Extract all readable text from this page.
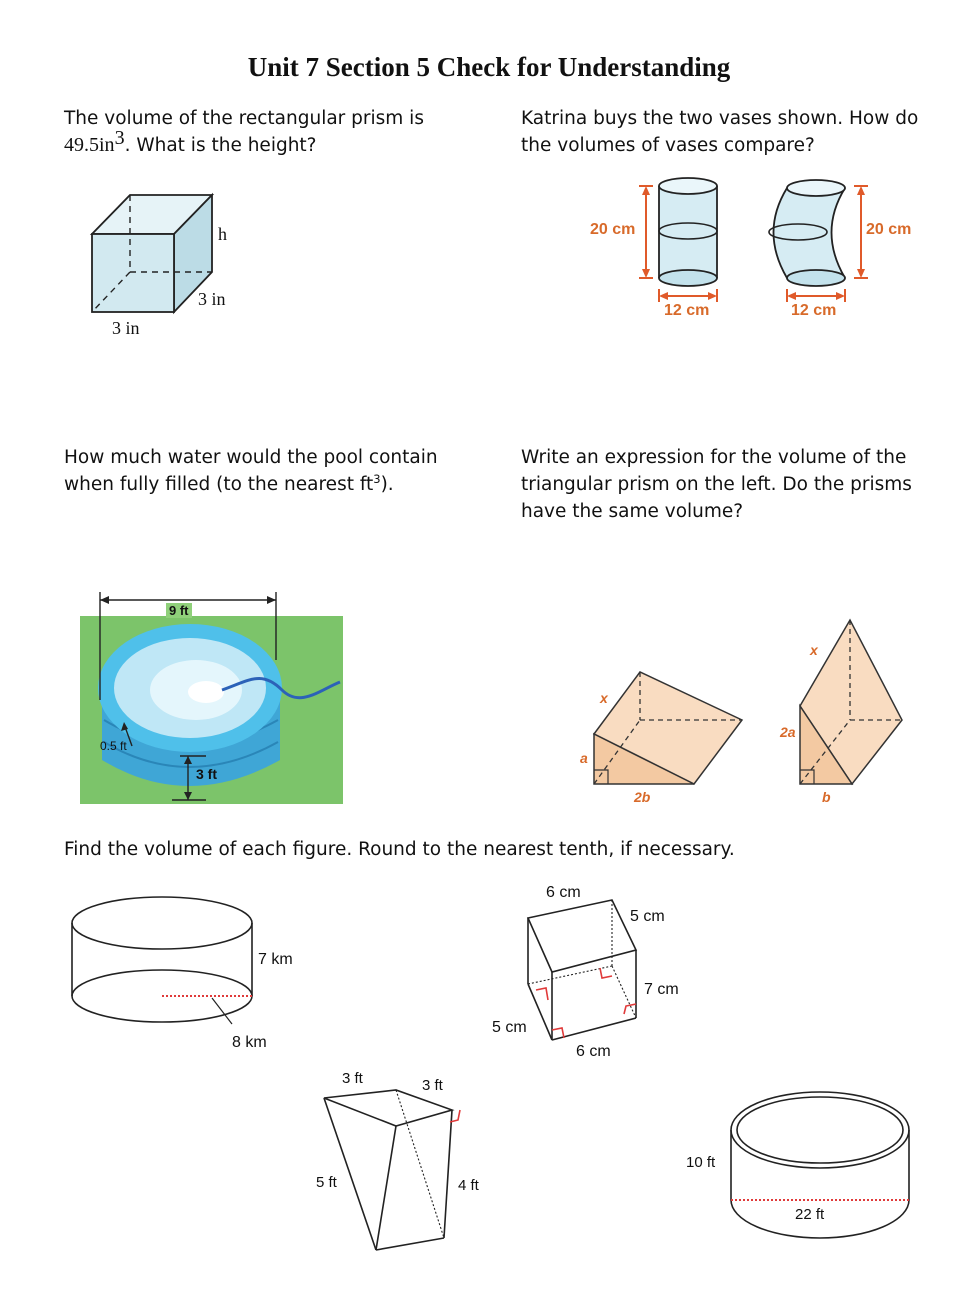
Unit 7 Section 5 Check for Understanding
The volume of the rectangular prism is
$49.5in^3$. What is the height?
h
3 in
3 in
Katrina buys the two vases shown. How do
the volumes of vases compare?
20 cm	20 cm
12 cm	12 cm
How much water would the pool contain
when fully filled (to the nearest $ft^3$).
9 ft
0.5 ft
3 ft
Write an expression for the volume of the
triangular prism on the left. Do the prisms
have the same volume?
x
a
2b
x
2a
b
Find the volume of each figure. Round to the nearest tenth, if necessary.
7 km
8 km
6 cm
5 cm
7 cm
5 cm
6 cm
3 ft	3 ft
5 ft	4 ft
10 ft
22 ft
